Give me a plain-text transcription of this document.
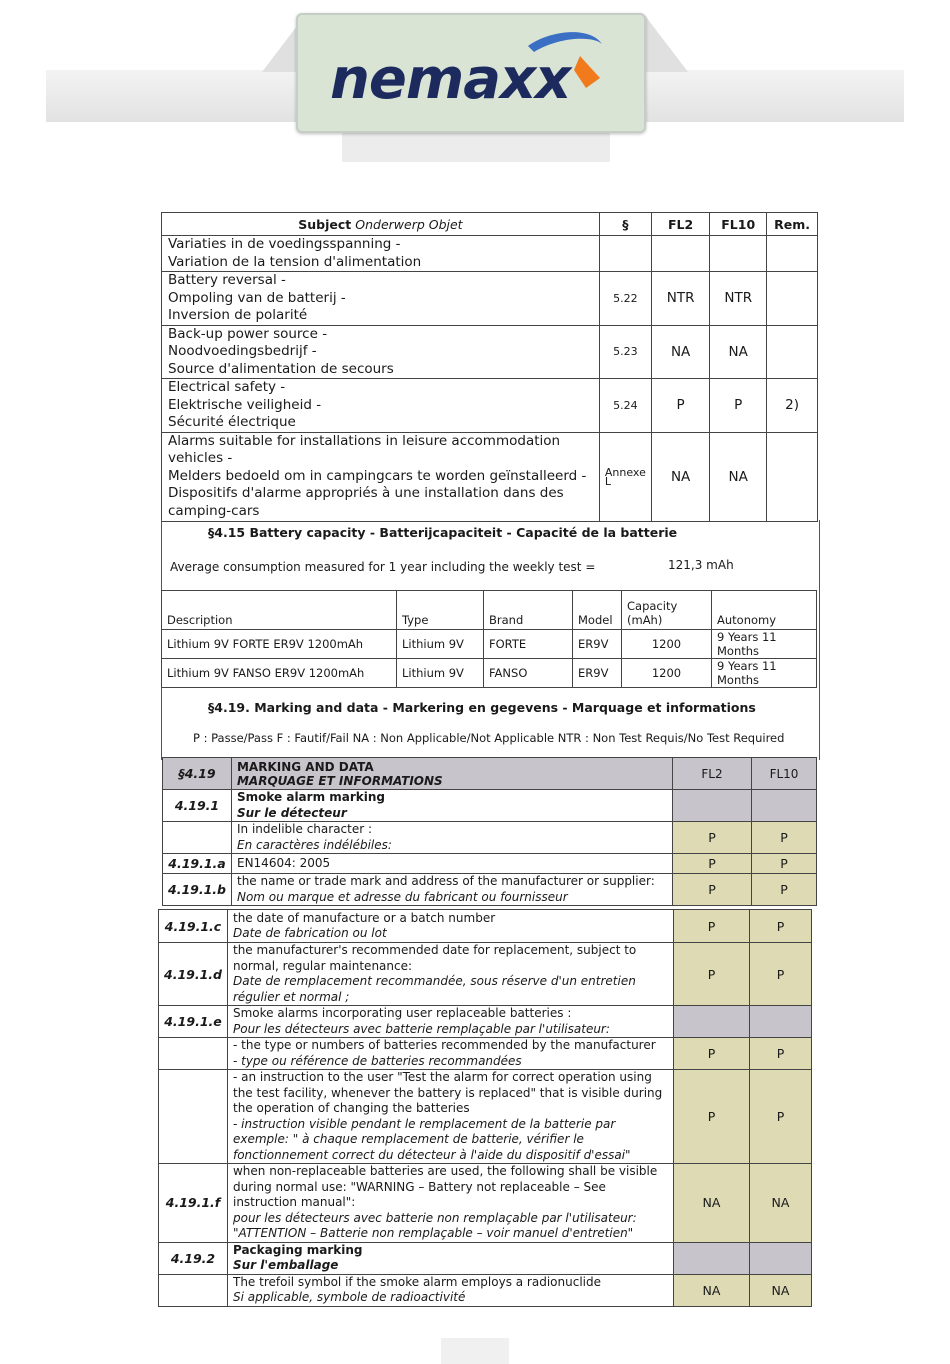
nemaxx
Subject Onderwerp Objet	§	FL2	FL10	Rem.

Variaties in de voedingsspanning -
Variation de la tension d'alimentation				

Battery reversal -
Ompoling van de batterij -
Inversion de polarité	5.22	NTR	NTR	

Back-up power source -
Noodvoedingsbedrijf -
Source d'alimentation de secours	5.23	NA	NA	

Electrical safety -
Elektrische veiligheid -
Sécurité électrique	5.24	P	P	2)

Alarms suitable for installations in leisure accommodation
vehicles -
Melders bedoeld om in campingcars te worden geïnstalleerd -
Dispositifs d'alarme appropriés à une installation dans des
camping-cars	Annexe L	NA	NA	
§4.15 Battery capacity - Batterijcapaciteit - Capacité de la batterie
Average consumption measured for 1 year including the weekly test =	121,3 mAh
Description	Type	Brand	Model	Capacity (mAh)	Autonomy
Lithium 9V FORTE ER9V 1200mAh	Lithium 9V	FORTE	ER9V	1200	9 Years 11 Months
Lithium 9V FANSO ER9V 1200mAh	Lithium 9V	FANSO	ER9V	1200	9 Years 11 Months
§4.19. Marking and data - Markering en gegevens - Marquage et informations
P : Passe/Pass F : Fautif/Fail NA : Non Applicable/Not Applicable NTR : Non Test Requis/No Test Required
§4.19	MARKING AND DATA
MARQUAGE ET INFORMATIONS	FL2	FL10
4.19.1	Smoke alarm marking
Sur le détecteur		

	In indelible character :
En caractères indélébiles:	P	P
4.19.1.a	EN14604: 2005	P	P
4.19.1.b	the name or trade mark and address of the manufacturer or supplier:
Nom ou marque et adresse du fabricant ou fournisseur	P	P
4.19.1.c	the date of manufacture or a batch number
Date de fabrication ou lot	P	P
4.19.1.d	the manufacturer's recommended date for replacement, subject to normal, regular maintenance:
Date de remplacement recommandée, sous réserve d'un entretien régulier et normal ;	P	P
4.19.1.e	Smoke alarms incorporating user replaceable batteries :
Pour les détecteurs avec batterie remplaçable par l'utilisateur:		

	- the type or numbers of batteries recommended by the manufacturer
- type ou référence de batteries recommandées	P	P

	- an instruction to the user "Test the alarm for correct operation using the test facility, whenever the battery is replaced" that is visible during the operation of changing the batteries
- instruction visible pendant le remplacement de la batterie par exemple: " à chaque remplacement de batterie, vérifier le fonctionnement correct du détecteur à l'aide du dispositif d'essai"	P	P
4.19.1.f	when non-replaceable batteries are used, the following shall be visible during normal use: "WARNING – Battery not replaceable – See instruction manual":
pour les détecteurs avec batterie non remplaçable par l'utilisateur: "ATTENTION – Batterie non remplaçable – voir manuel d'entretien"	NA	NA
4.19.2	Packaging marking
Sur l'emballage		

	The trefoil symbol if the smoke alarm employs a radionuclide
Si applicable, symbole de radioactivité	NA	NA
